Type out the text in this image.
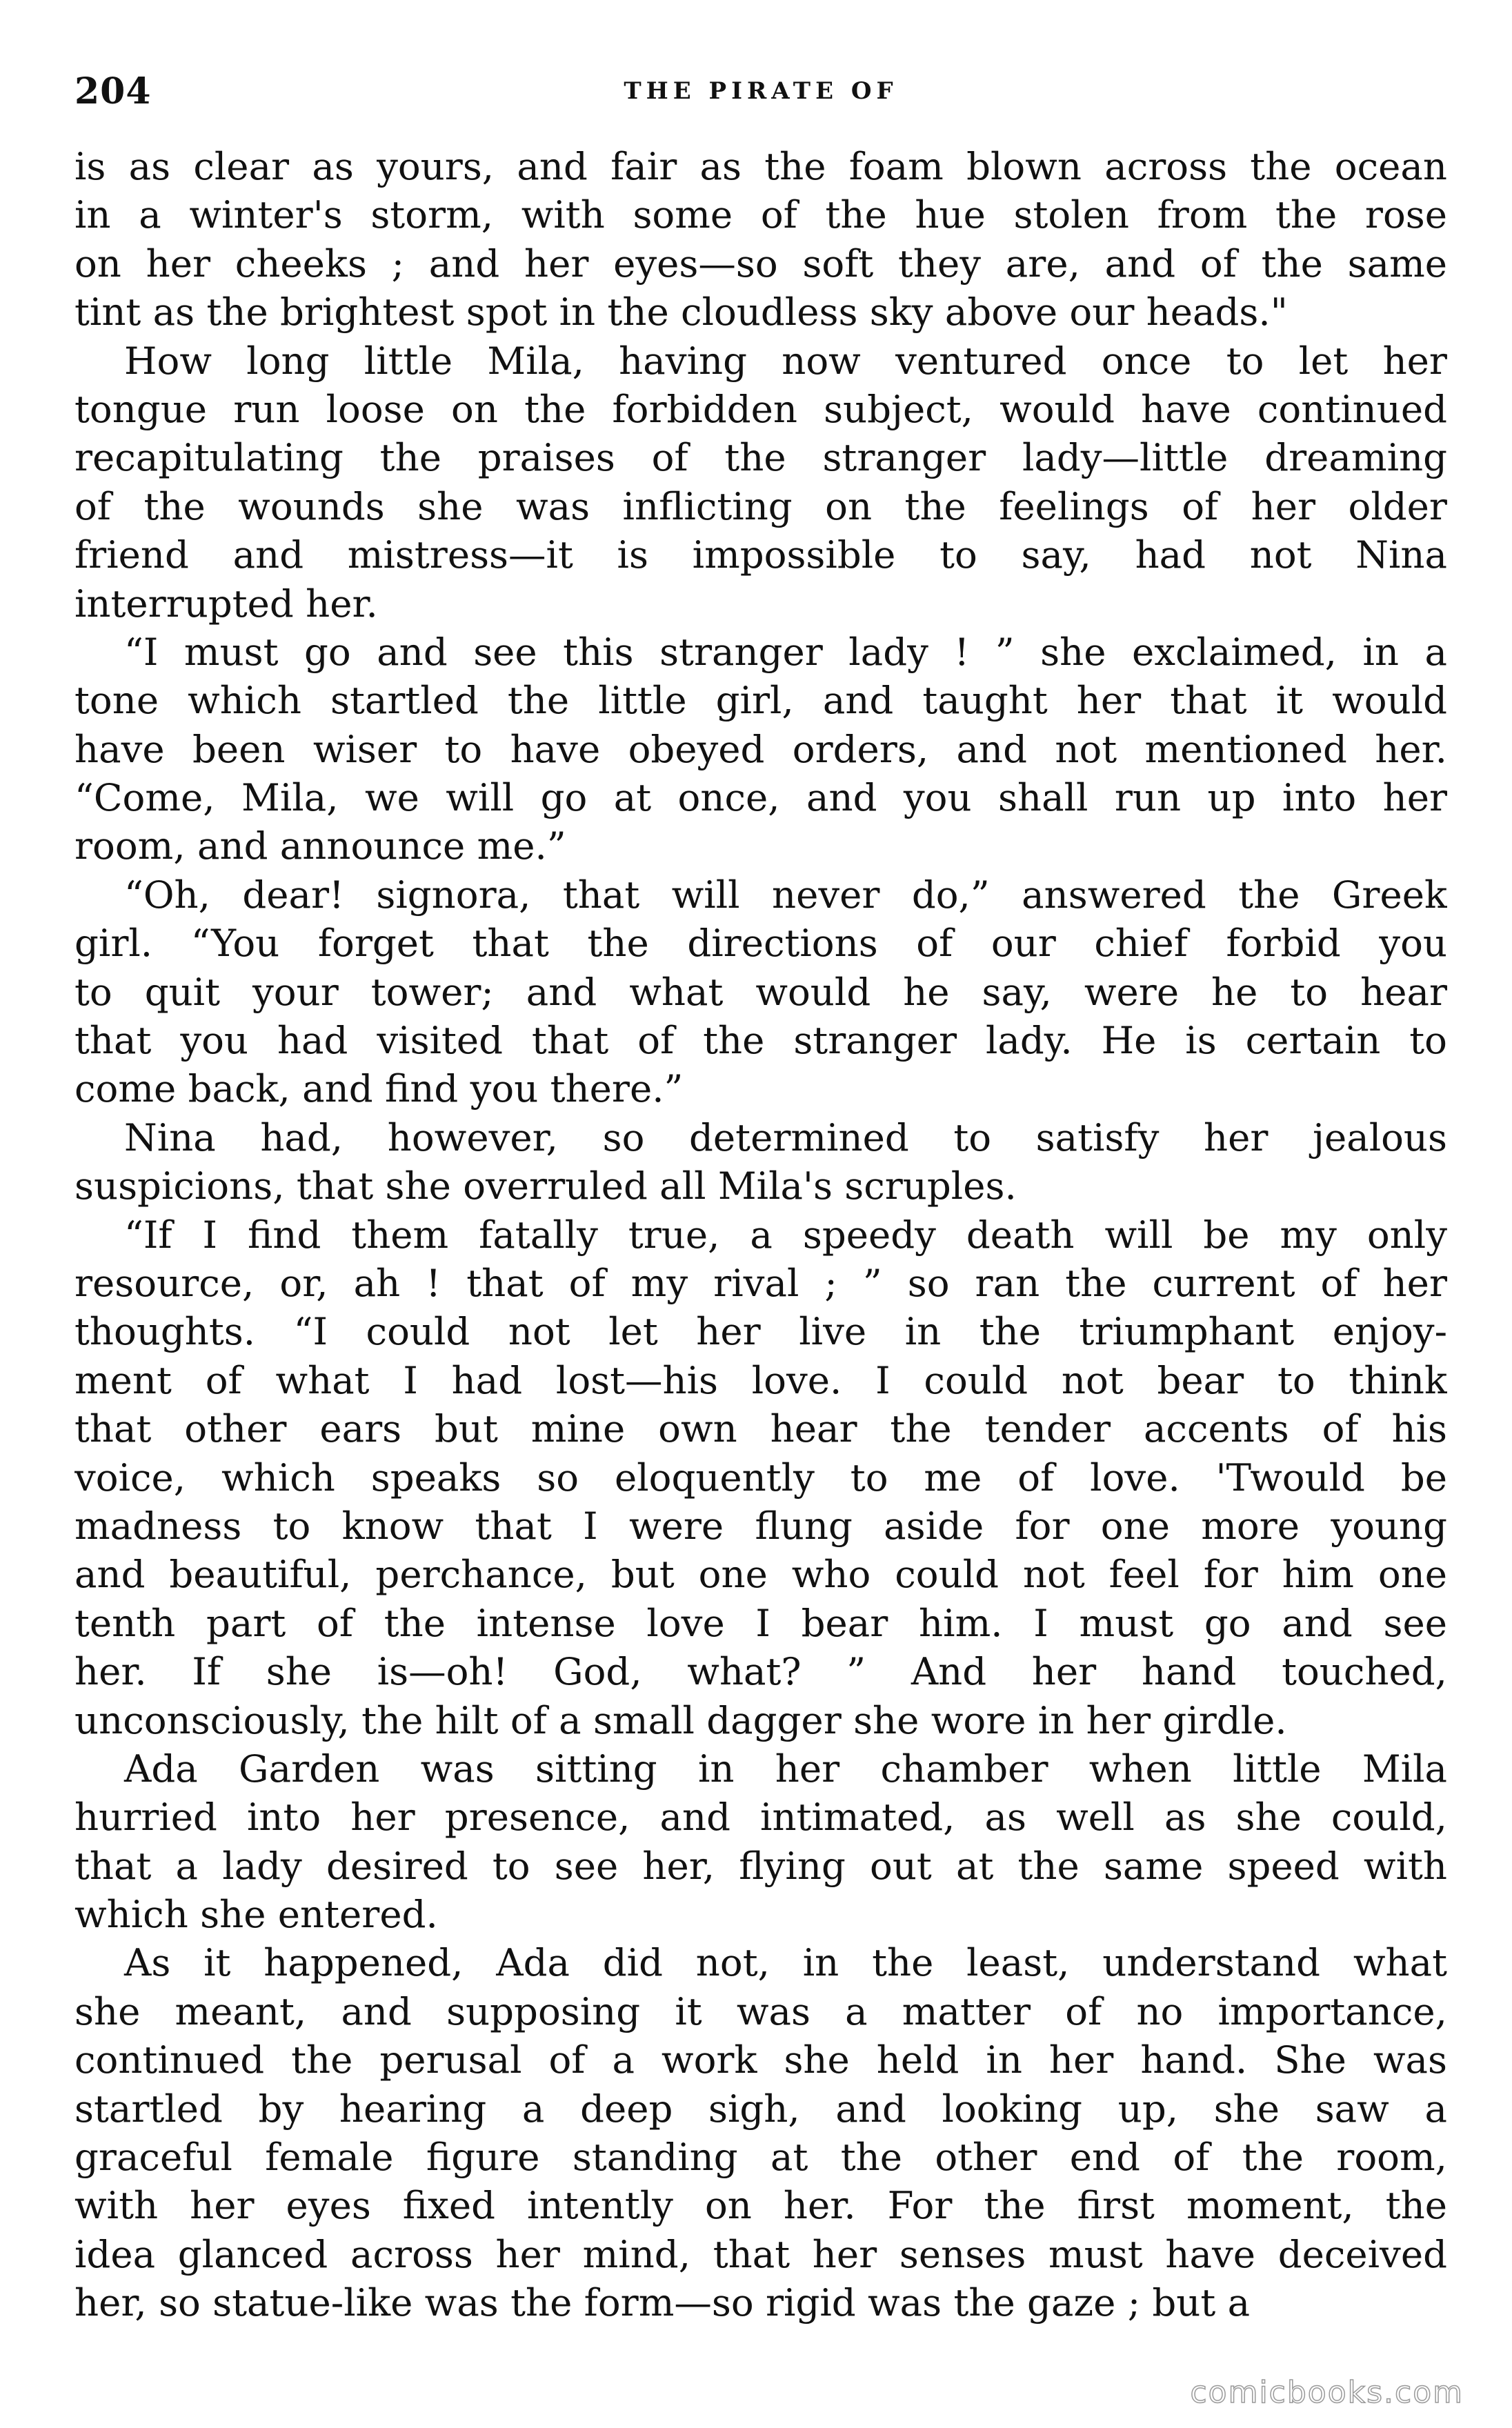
204	THE PIRATE OF
is as clear as yours, and fair as the foam blown across the ocean
in a winter's storm, with some of the hue stolen from the rose
on her cheeks ; and her eyes—so soft they are, and of the same
tint as the brightest spot in the cloudless sky above our heads."
How long little Mila, having now ventured once to let her
tongue run loose on the forbidden subject, would have continued
recapitulating the praises of the stranger lady—little dreaming
of the wounds she was inflicting on the feelings of her older
friend and mistress—it is impossible to say, had not Nina
interrupted her.
“I must go and see this stranger lady ! ” she exclaimed, in a
tone which startled the little girl, and taught her that it would
have been wiser to have obeyed orders, and not mentioned her.
“Come, Mila, we will go at once, and you shall run up into her
room, and announce me.”
“Oh, dear! signora, that will never do,” answered the Greek
girl. “You forget that the directions of our chief forbid you
to quit your tower; and what would he say, were he to hear
that you had visited that of the stranger lady. He is certain to
come back, and find you there.”
Nina had, however, so determined to satisfy her jealous
suspicions, that she overruled all Mila's scruples.
“If I find them fatally true, a speedy death will be my only
resource, or, ah ! that of my rival ; ” so ran the current of her
thoughts. “I could not let her live in the triumphant enjoy-
ment of what I had lost—his love. I could not bear to think
that other ears but mine own hear the tender accents of his
voice, which speaks so eloquently to me of love. 'Twould be
madness to know that I were flung aside for one more young
and beautiful, perchance, but one who could not feel for him one
tenth part of the intense love I bear him. I must go and see
her. If she is—oh! God, what? ” And her hand touched,
unconsciously, the hilt of a small dagger she wore in her girdle.
Ada Garden was sitting in her chamber when little Mila
hurried into her presence, and intimated, as well as she could,
that a lady desired to see her, flying out at the same speed with
which she entered.
As it happened, Ada did not, in the least, understand what
she meant, and supposing it was a matter of no importance,
continued the perusal of a work she held in her hand. She was
startled by hearing a deep sigh, and looking up, she saw a
graceful female figure standing at the other end of the room,
with her eyes fixed intently on her. For the first moment, the
idea glanced across her mind, that her senses must have deceived
her, so statue-like was the form—so rigid was the gaze ; but a
comicbooks.com
